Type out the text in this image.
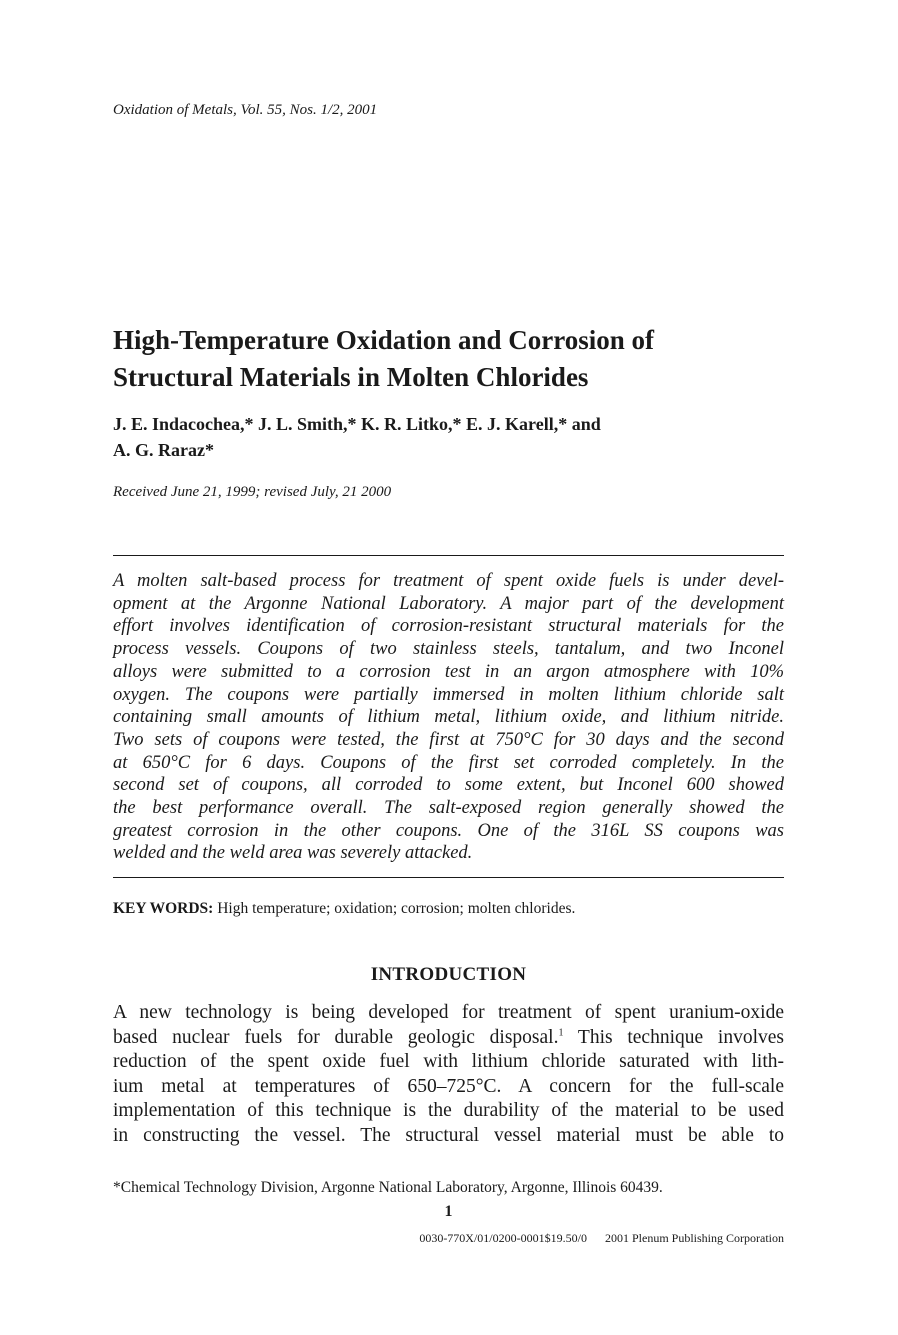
Oxidation of Metals, Vol. 55, Nos. 1/2, 2001
High-Temperature Oxidation and Corrosion of
Structural Materials in Molten Chlorides
J. E. Indacochea,* J. L. Smith,* K. R. Litko,* E. J. Karell,* and
A. G. Raraz*
Received June 21, 1999; revised July, 21 2000
A molten salt-based process for treatment of spent oxide fuels is under devel-
opment at the Argonne National Laboratory. A major part of the development
effort involves identification of corrosion-resistant structural materials for the
process vessels. Coupons of two stainless steels, tantalum, and two Inconel
alloys were submitted to a corrosion test in an argon atmosphere with 10%
oxygen. The coupons were partially immersed in molten lithium chloride salt
containing small amounts of lithium metal, lithium oxide, and lithium nitride.
Two sets of coupons were tested, the first at 750°C for 30 days and the second
at 650°C for 6 days. Coupons of the first set corroded completely. In the
second set of coupons, all corroded to some extent, but Inconel 600 showed
the best performance overall. The salt-exposed region generally showed the
greatest corrosion in the other coupons. One of the 316L SS coupons was
welded and the weld area was severely attacked.
KEY WORDS: High temperature; oxidation; corrosion; molten chlorides.
INTRODUCTION
A new technology is being developed for treatment of spent uranium-oxide
based nuclear fuels for durable geologic disposal.$^1$ This technique involves
reduction of the spent oxide fuel with lithium chloride saturated with lith-
ium metal at temperatures of 650–725°C. A concern for the full-scale
implementation of this technique is the durability of the material to be used
in constructing the vessel. The structural vessel material must be able to
*Chemical Technology Division, Argonne National Laboratory, Argonne, Illinois 60439.
1
0030-770X/01/0200-0001$19.50/0 2001 Plenum Publishing Corporation
